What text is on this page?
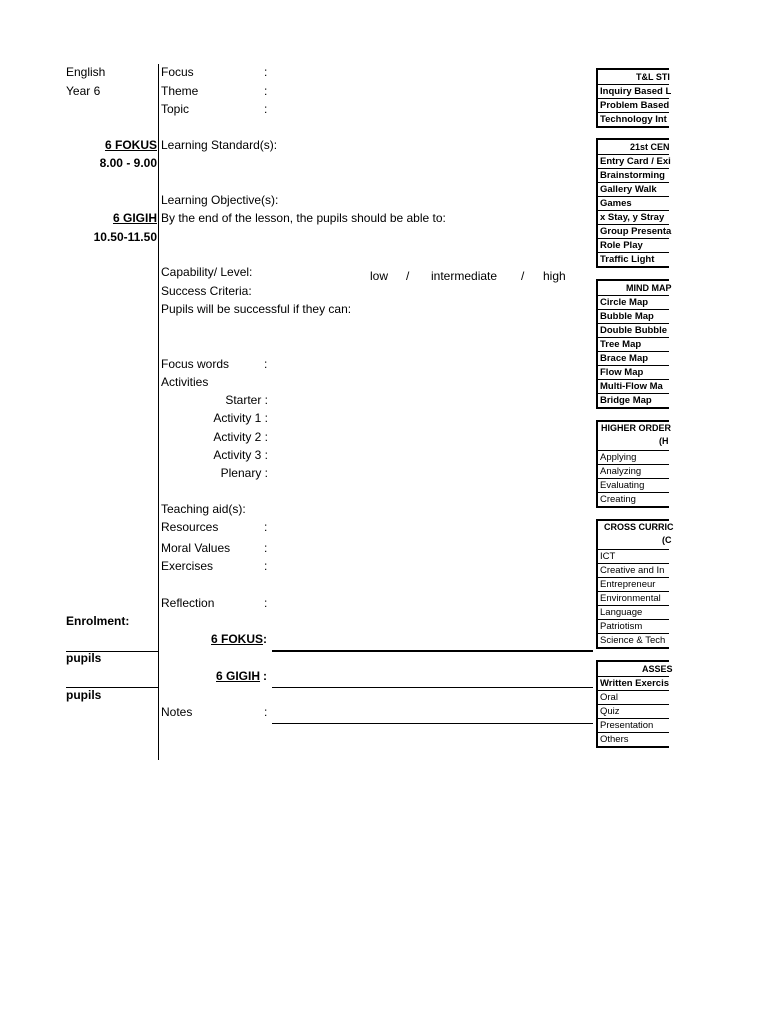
English
Year 6
6 FOKUS
8.00 - 9.00
6 GIGIH
10.50-11.50
Enrolment:
pupils
pupils
Focus	:
Theme	:
Topic	:
Learning Standard(s):
Learning Objective(s):
By the end of the lesson, the pupils should be able to:
Capability/ Level:	low / intermediate / high
Success Criteria:
Pupils will be successful if they can:
Focus words	:
Activities
Starter :
Activity 1 :
Activity 2 :
Activity 3 :
Plenary :
Teaching aid(s):
Resources	:
Moral Values	:
Exercises	:
Reflection	:
6 FOKUS :
6 GIGIH :
Notes	:
T&L STI
Inquiry Based L
Problem Based
Technology Int
21st CEN
Entry Card / Exi
Brainstorming
Gallery Walk
Games
x Stay, y Stray
Group Presenta
Role Play
Traffic Light
MIND MAP
Circle Map
Bubble Map
Double Bubble
Tree Map
Brace Map
Flow Map
Multi-Flow Ma
Bridge Map
HIGHER ORDER
(H
Applying
Analyzing
Evaluating
Creating
CROSS CURRIC
(C
ICT
Creative and In
Entrepreneur
Environmental
Language
Patriotism
Science & Tech
ASSES
Written Exercis
Oral
Quiz
Presentation
Others
